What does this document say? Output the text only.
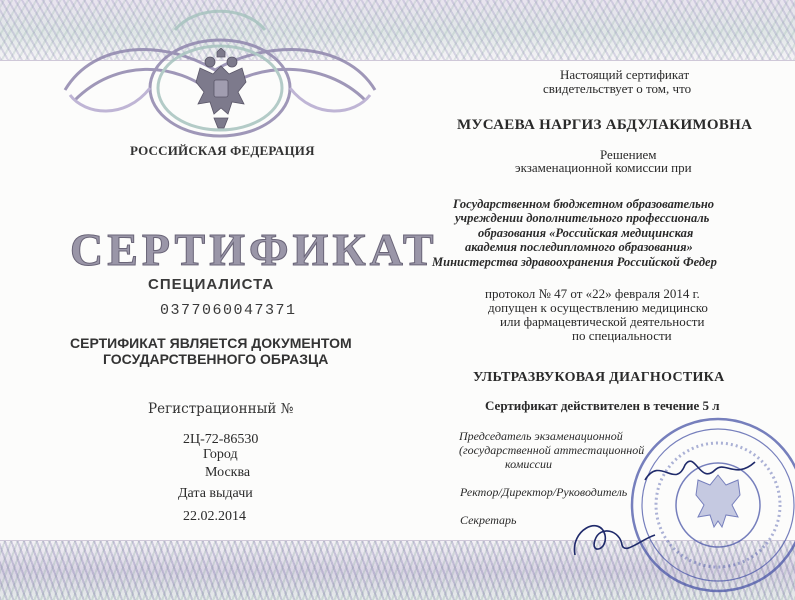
РОССИЙСКАЯ ФЕДЕРАЦИЯ
СЕРТИФИКАТ
СПЕЦИАЛИСТА
0377060047371
СЕРТИФИКАТ ЯВЛЯЕТСЯ ДОКУМЕНТОМ
ГОСУДАРСТВЕННОГО ОБРАЗЦА
Регистрационный №
2Ц-72-86530
Город
Москва
Дата выдачи
22.02.2014
Настоящий сертификат
свидетельствует о том, что
МУСАЕВА НАРГИЗ АБДУЛАКИМОВНА
Решением
экзаменационной комиссии при
Государственном бюджетном образовательно
учреждении дополнительного профессиональ
образования «Российская медицинская
академия последипломного образования»
Министерства здравоохранения Российской Федер
протокол № 47 от «22» февраля 2014 г.
допущен к осуществлению медицинско
или фармацевтической деятельности
по специальности
УЛЬТРАЗВУКОВАЯ ДИАГНОСТИКА
Сертификат действителен в течение 5 л
Председатель экзаменационной
(государственной аттестационной
комиссии
Ректор/Директор/Руководитель
Секретарь
